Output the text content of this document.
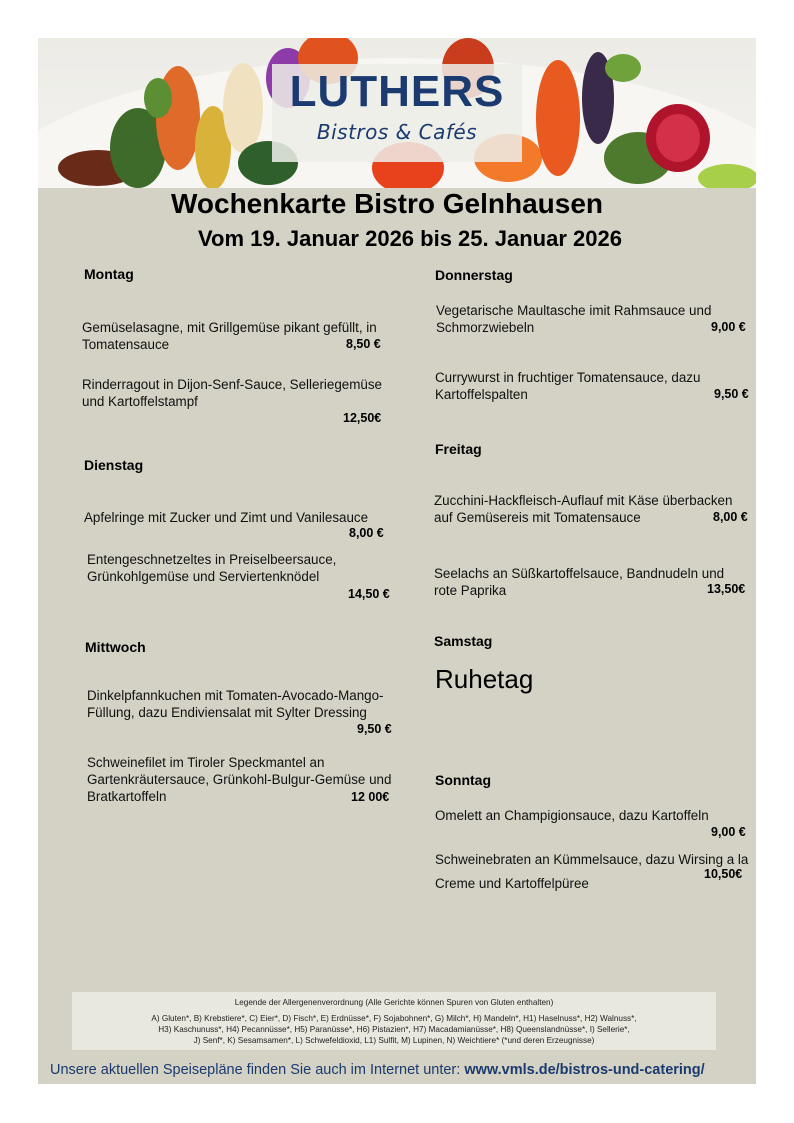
LUTHERS
Bistros & Cafés
Wochenkarte Bistro Gelnhausen
Vom 19. Januar 2026 bis 25. Januar 2026
Montag
Gemüselasagne, mit Grillgemüse pikant gefüllt, in Tomatensauce	8,50 €
Rinderragout in Dijon-Senf-Sauce, Selleriegemüse und Kartoffelstampf
12,50€
Dienstag
Apfelringe mit Zucker und Zimt und Vanilesauce
8,00 €
Entengeschnetzeltes in Preiselbeersauce, Grünkohlgemüse und Serviertenknödel
14,50 €
Mittwoch
Dinkelpfannkuchen mit Tomaten-Avocado-Mango-Füllung, dazu Endiviensalat mit Sylter Dressing
9,50 €
Schweinefilet im Tiroler Speckmantel an Gartenkräutersauce, Grünkohl-Bulgur-Gemüse und Bratkartoffeln	12 00€
Donnerstag
Vegetarische Maultasche imit Rahmsauce und Schmorzwiebeln	9,00 €
Currywurst in fruchtiger Tomatensauce, dazu Kartoffelspalten	9,50 €
Freitag
Zucchini-Hackfleisch-Auflauf mit Käse überbacken auf Gemüsereis mit Tomatensauce	8,00 €
Seelachs an Süßkartoffelsauce, Bandnudeln und rote Paprika	13,50€
Samstag
Ruhetag
Sonntag
Omelett an Champigionsauce, dazu Kartoffeln
9,00 €
Schweinebraten an Kümmelsauce, dazu Wirsing a la Creme und Kartoffelpüree
10,50€
Legende der Allergenenverordnung (Alle Gerichte können Spuren von Gluten enthalten)
A) Gluten*, B) Krebstiere*, C) Eier*, D) Fisch*, E) Erdnüsse*, F) Sojabohnen*, G) Milch*, H) Mandeln*, H1) Haselnuss*, H2) Walnuss*,
H3) Kaschunuss*, H4) Pecannüsse*, H5) Paranüsse*, H6) Pistazien*, H7) Macadamianüsse*, H8) Queenslandnüsse*, I) Sellerie*,
J) Senf*, K) Sesamsamen*, L) Schwefeldioxid, L1) Sulfit, M) Lupinen, N) Weichtiere* (*und deren Erzeugnisse)
Unsere aktuellen Speisepläne finden Sie auch im Internet unter: www.vmls.de/bistros-und-catering/
